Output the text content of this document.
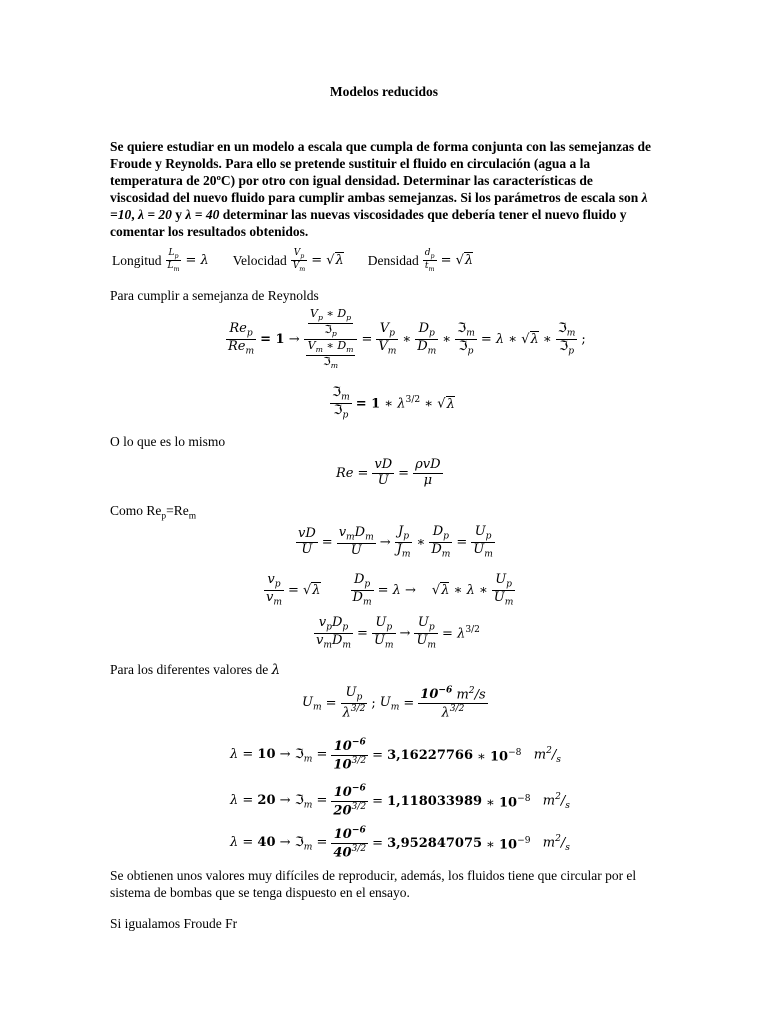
Modelos reducidos
Se quiere estudiar en un modelo a escala que cumpla de forma conjunta con las semejanzas de Froude y Reynolds. Para ello se pretende sustituir el fluido en circulación (agua a la temperatura de 20ºC) por otro con igual densidad. Determinar las características de viscosidad del nuevo fluido para cumplir ambas semejanzas. Si los parámetros de escala son λ =10, λ = 20 y λ = 40 determinar las nuevas viscosidades que debería tener el nuevo fluido y comentar los resultados obtenidos.
Longitud $\frac{L_p}{L_m} = \lambda$ Velocidad $\frac{V_p}{V_m} = √\lambda$ Densidad $\frac{d_p}{t_m} = √\lambda$
Para cumplir a semejanza de Reynolds
$\frac{Re_p}{Re_m} = 1 \to \frac{\frac{V_p ∗ D_p}{ℑ_p}}{\frac{V_m ∗ D_m}{ℑ_m}} = \frac{V_p}{V_m}$ ∗ $\frac{D_p}{D_m}$ ∗ $\frac{ℑ_m}{ℑ_p} = \lambda$ ∗ √λ ∗ $\frac{ℑ_m}{ℑ_p}$ ;
$\frac{ℑ_m}{ℑ_p} = 1$ ∗ $\lambda^{3/2}$ ∗ √λ
O lo que es lo mismo
$Re = \frac{vD}{U} = \frac{\text{ρvD}}{\mu}$
Como $Re_p=Re_m$
$\frac{vD}{U} = \frac{v_mD_m}{U} \to \frac{J_p}{J_m}$ ∗ $\frac{D_p}{D_m} = \frac{U_p}{U_m}$
$\frac{v_p}{v_m} = √\lambda \frac{D_p}{D_m} = \lambda \to √\lambda$ ∗ λ ∗ $\frac{U_p}{U_m}$
$\frac{v_pD_p}{v_mD_m} = \frac{U_p}{U_m} \to \frac{U_p}{U_m} = \lambda^{3/2}$
Para los diferentes valores de λ
$U_m = \frac{U_p}{\lambda^{3/2}}$ ; $U_m = \frac{10^{-6} m^2/s}{\lambda^{3/2}}$
λ = 10 → ℑ$_m$ = $\frac{10^{-6}}{10^{3/2}} = 3,16227766$ ∗ $10^{-8}$ $m^2/_s$
λ = 20 → ℑ$_m$ = $\frac{10^{-6}}{20^{3/2}} = 1,118033989$ ∗ $10^{-8}$ $m^2/_s$
λ = 40 → ℑ$_m$ = $\frac{10^{-6}}{40^{3/2}} = 3,952847075$ ∗ $10^{-9}$ $m^2/_s$
Se obtienen unos valores muy difíciles de reproducir, además, los fluidos tiene que circular por el sistema de bombas que se tenga dispuesto en el ensayo.
Si igualamos Froude Fr
